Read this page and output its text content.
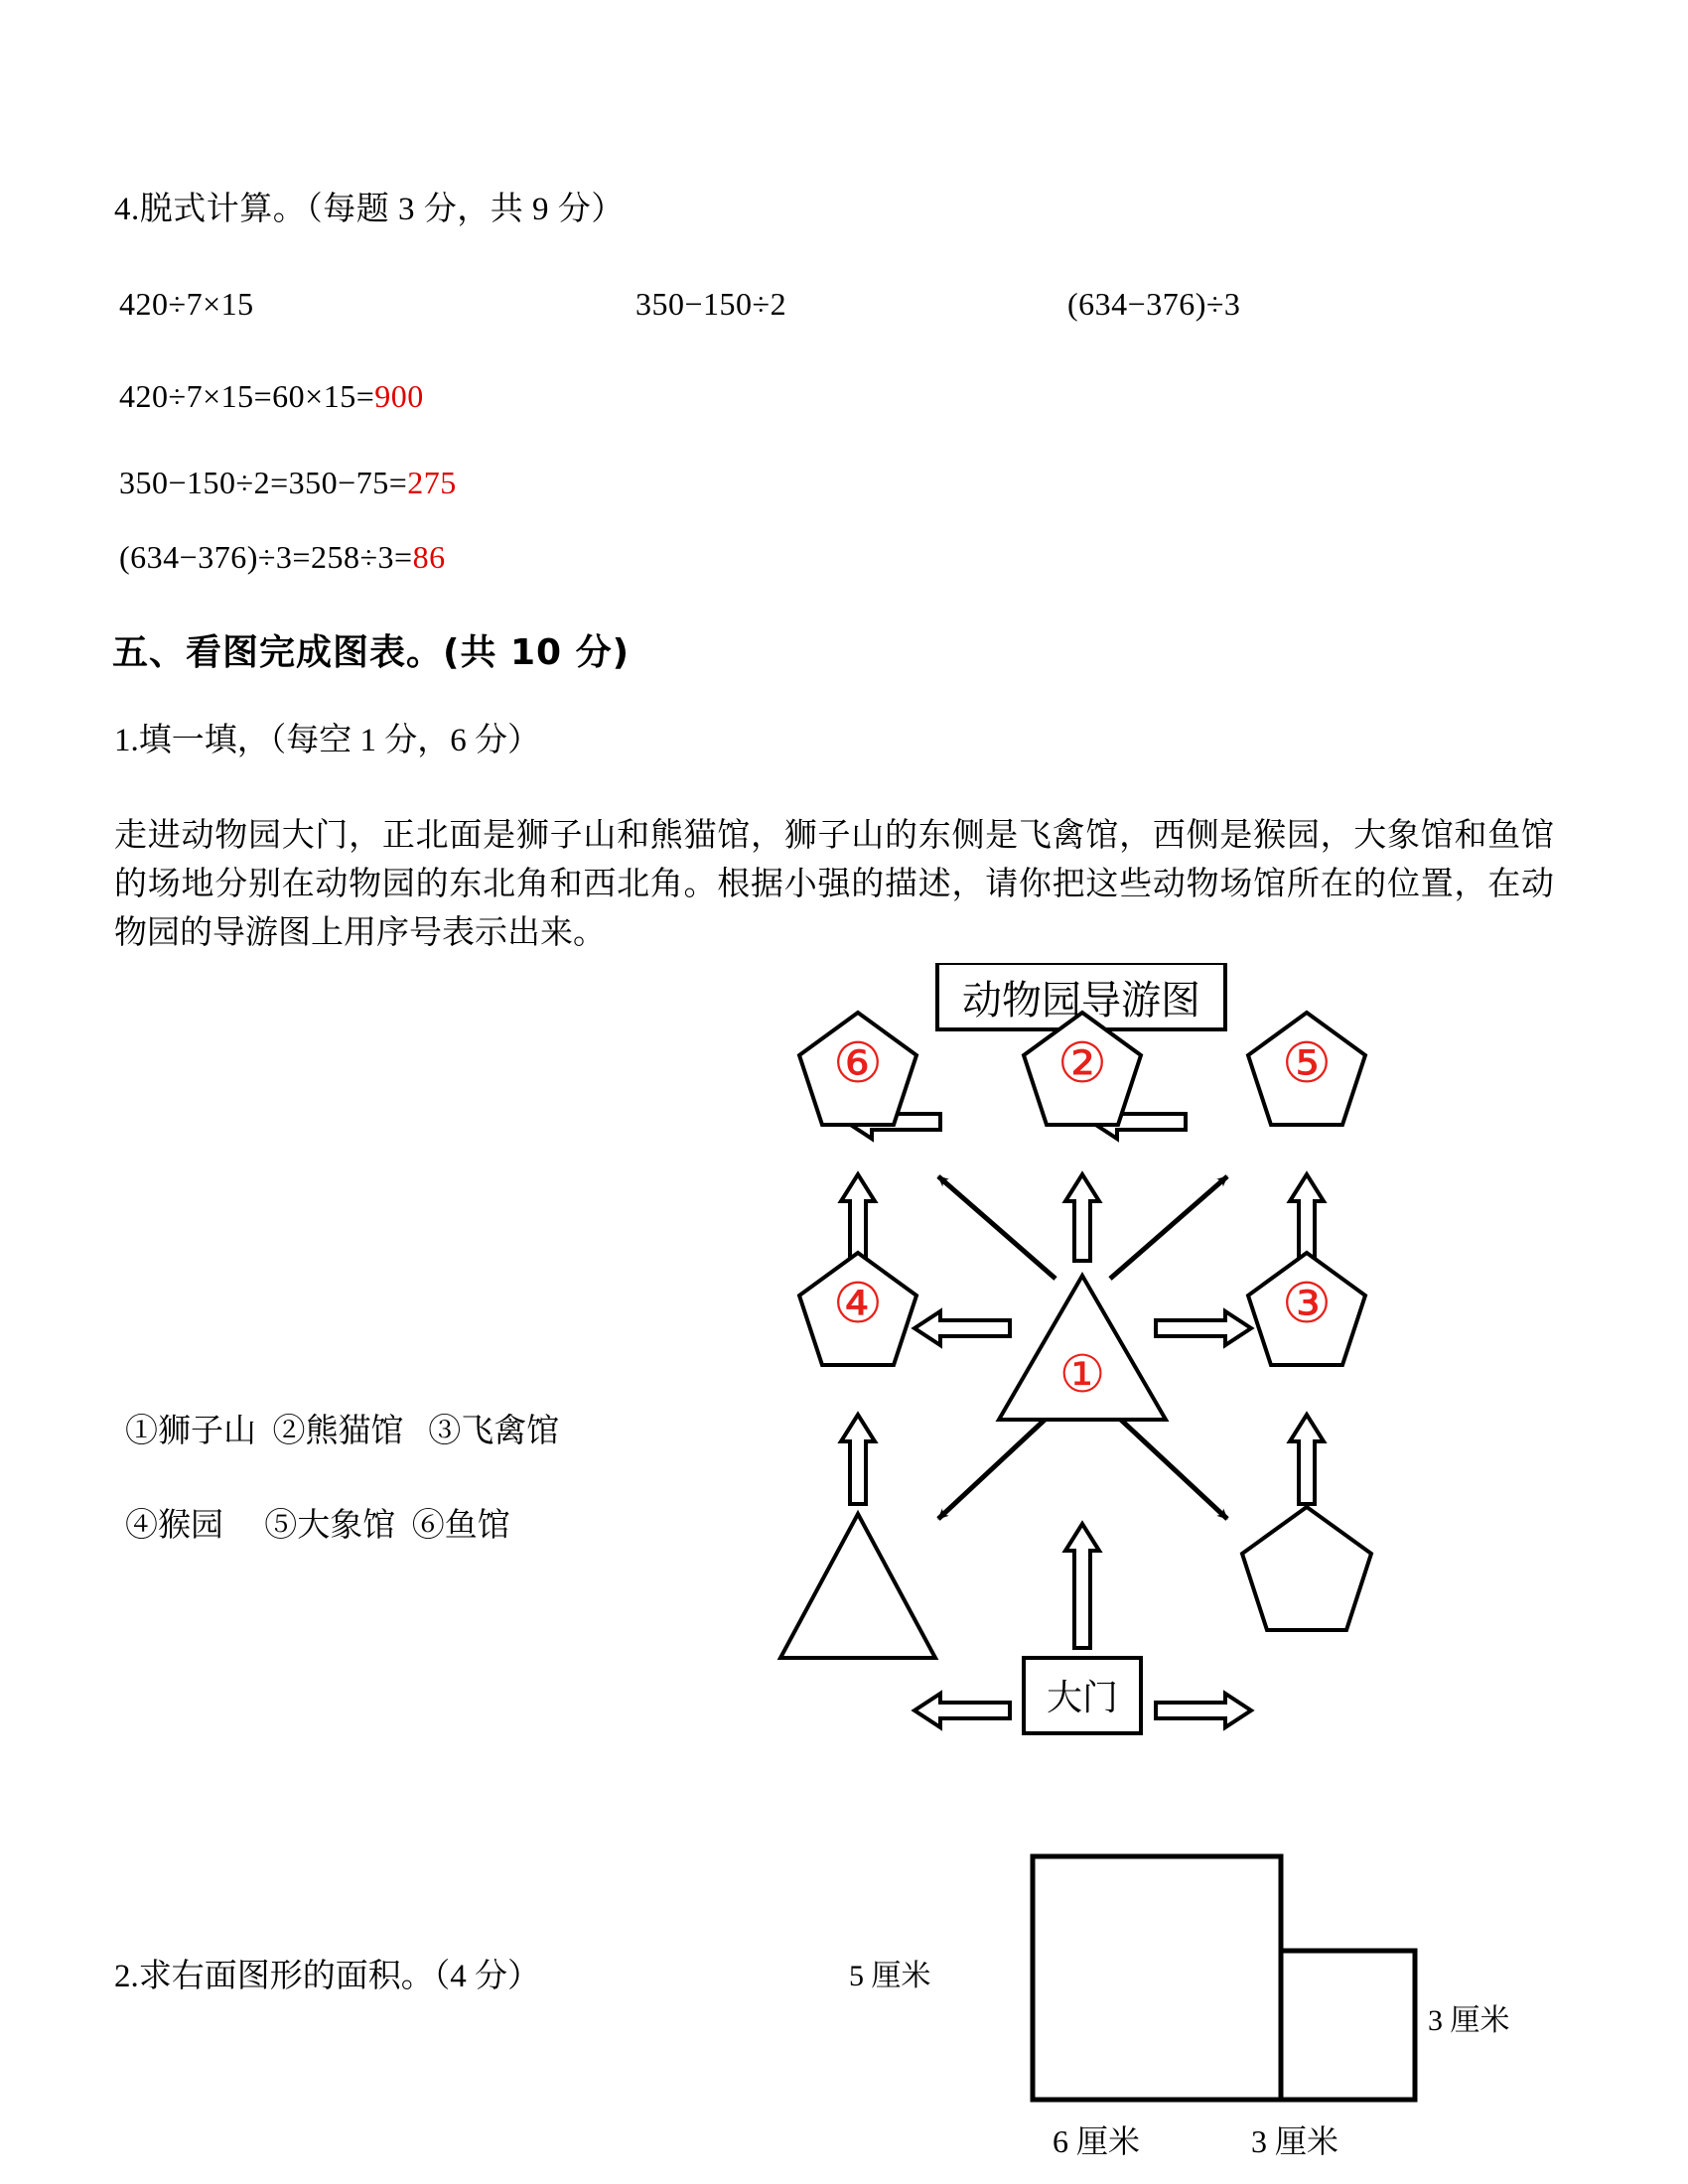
4.脱式计算。（每题 3 分，共 9 分）
420÷7×15	350−150÷2	(634−376)÷3
420÷7×15=60×15=900
350−150÷2=350−75=275
(634−376)÷3=258÷3=86
五、看图完成图表。(共 10 分)
1.填一填，（每空 1 分，6 分）
走进动物园大门，正北面是狮子山和熊猫馆，狮子山的东侧是飞禽馆，西侧是猴园，大象馆和鱼馆的场地分别在动物园的东北角和西北角。根据小强的描述，请你把这些动物场馆所在的位置，在动物园的导游图上用序号表示出来。
①狮子山  ②熊猫馆   ③飞禽馆
④猴园     ⑤大象馆  ⑥鱼馆
⑥	②	⑤
④
①
③
动物园导游图
大门
2.求右面图形的面积。（4 分）	5 厘米
3 厘米
6 厘米	3 厘米
